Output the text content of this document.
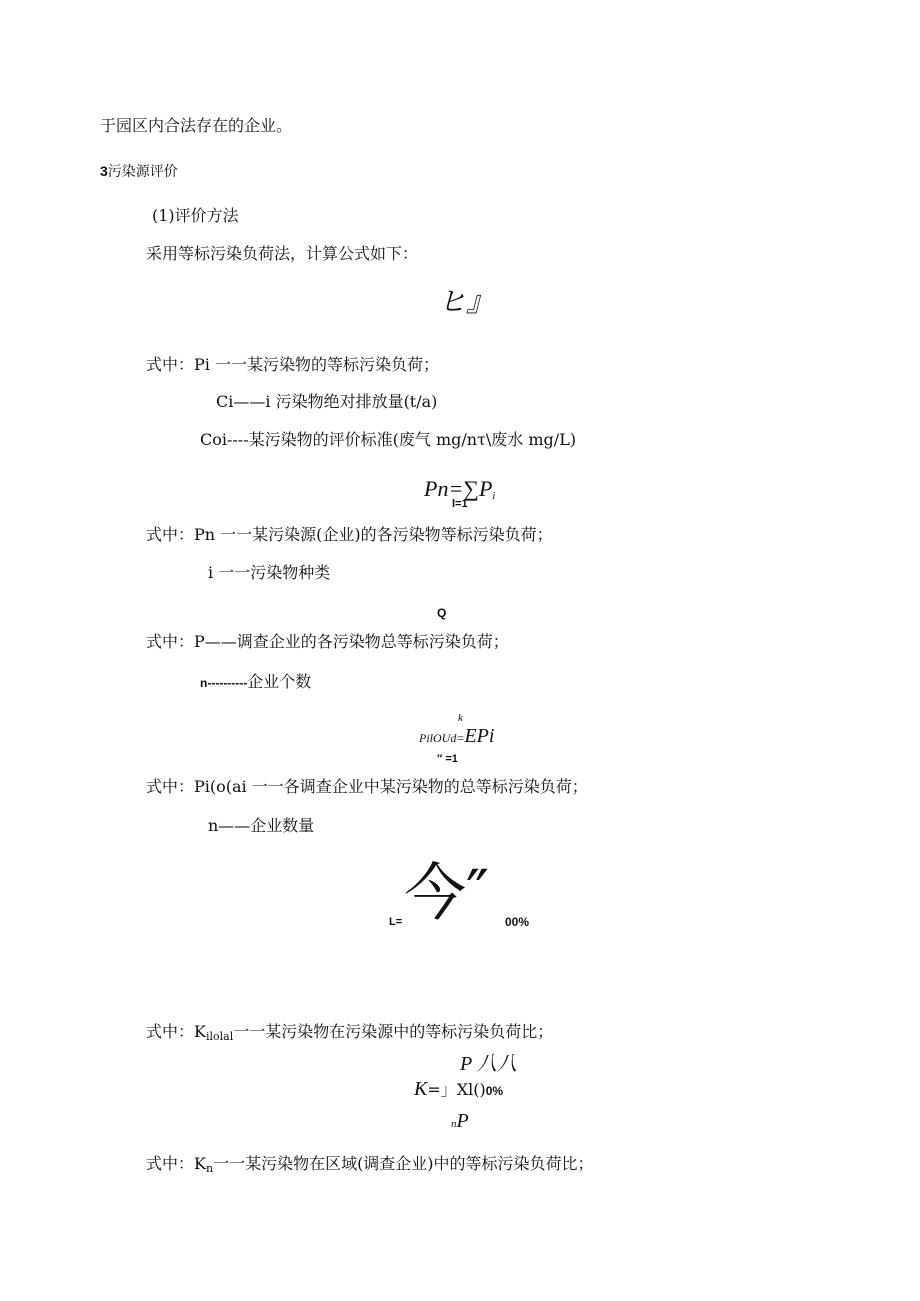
于园区内合法存在的企业。
3污染源评价
(1)评价方法
采用等标污染负荷法，计算公式如下：
ヒ』
式中：Pi 一一某污染物的等标污染负荷；
Ci——i 污染物绝对排放量(t/a)
Coi----某污染物的评价标准(废气 mg/nτ\废水 mg/L)
$Pn=\sum P_i$
l=1
式中：Pn 一一某污染源(企业)的各污染物等标污染负荷；
i 一一污染物种类
Q
式中：P——调查企业的各污染物总等标污染负荷；
n----------企业个数
k
PilOUd=EPi
″ =1
式中：Pi(o(ai 一一各调查企业中某污染物的总等标污染负荷；
n——企业数量
L= 今″ 00%
式中：$K_{ilolal}$一一某污染物在污染源中的等标污染负荷比；
P 八八
K=」Xl()0%
nP
式中：$K_n$一一某污染物在区域(调查企业)中的等标污染负荷比；
